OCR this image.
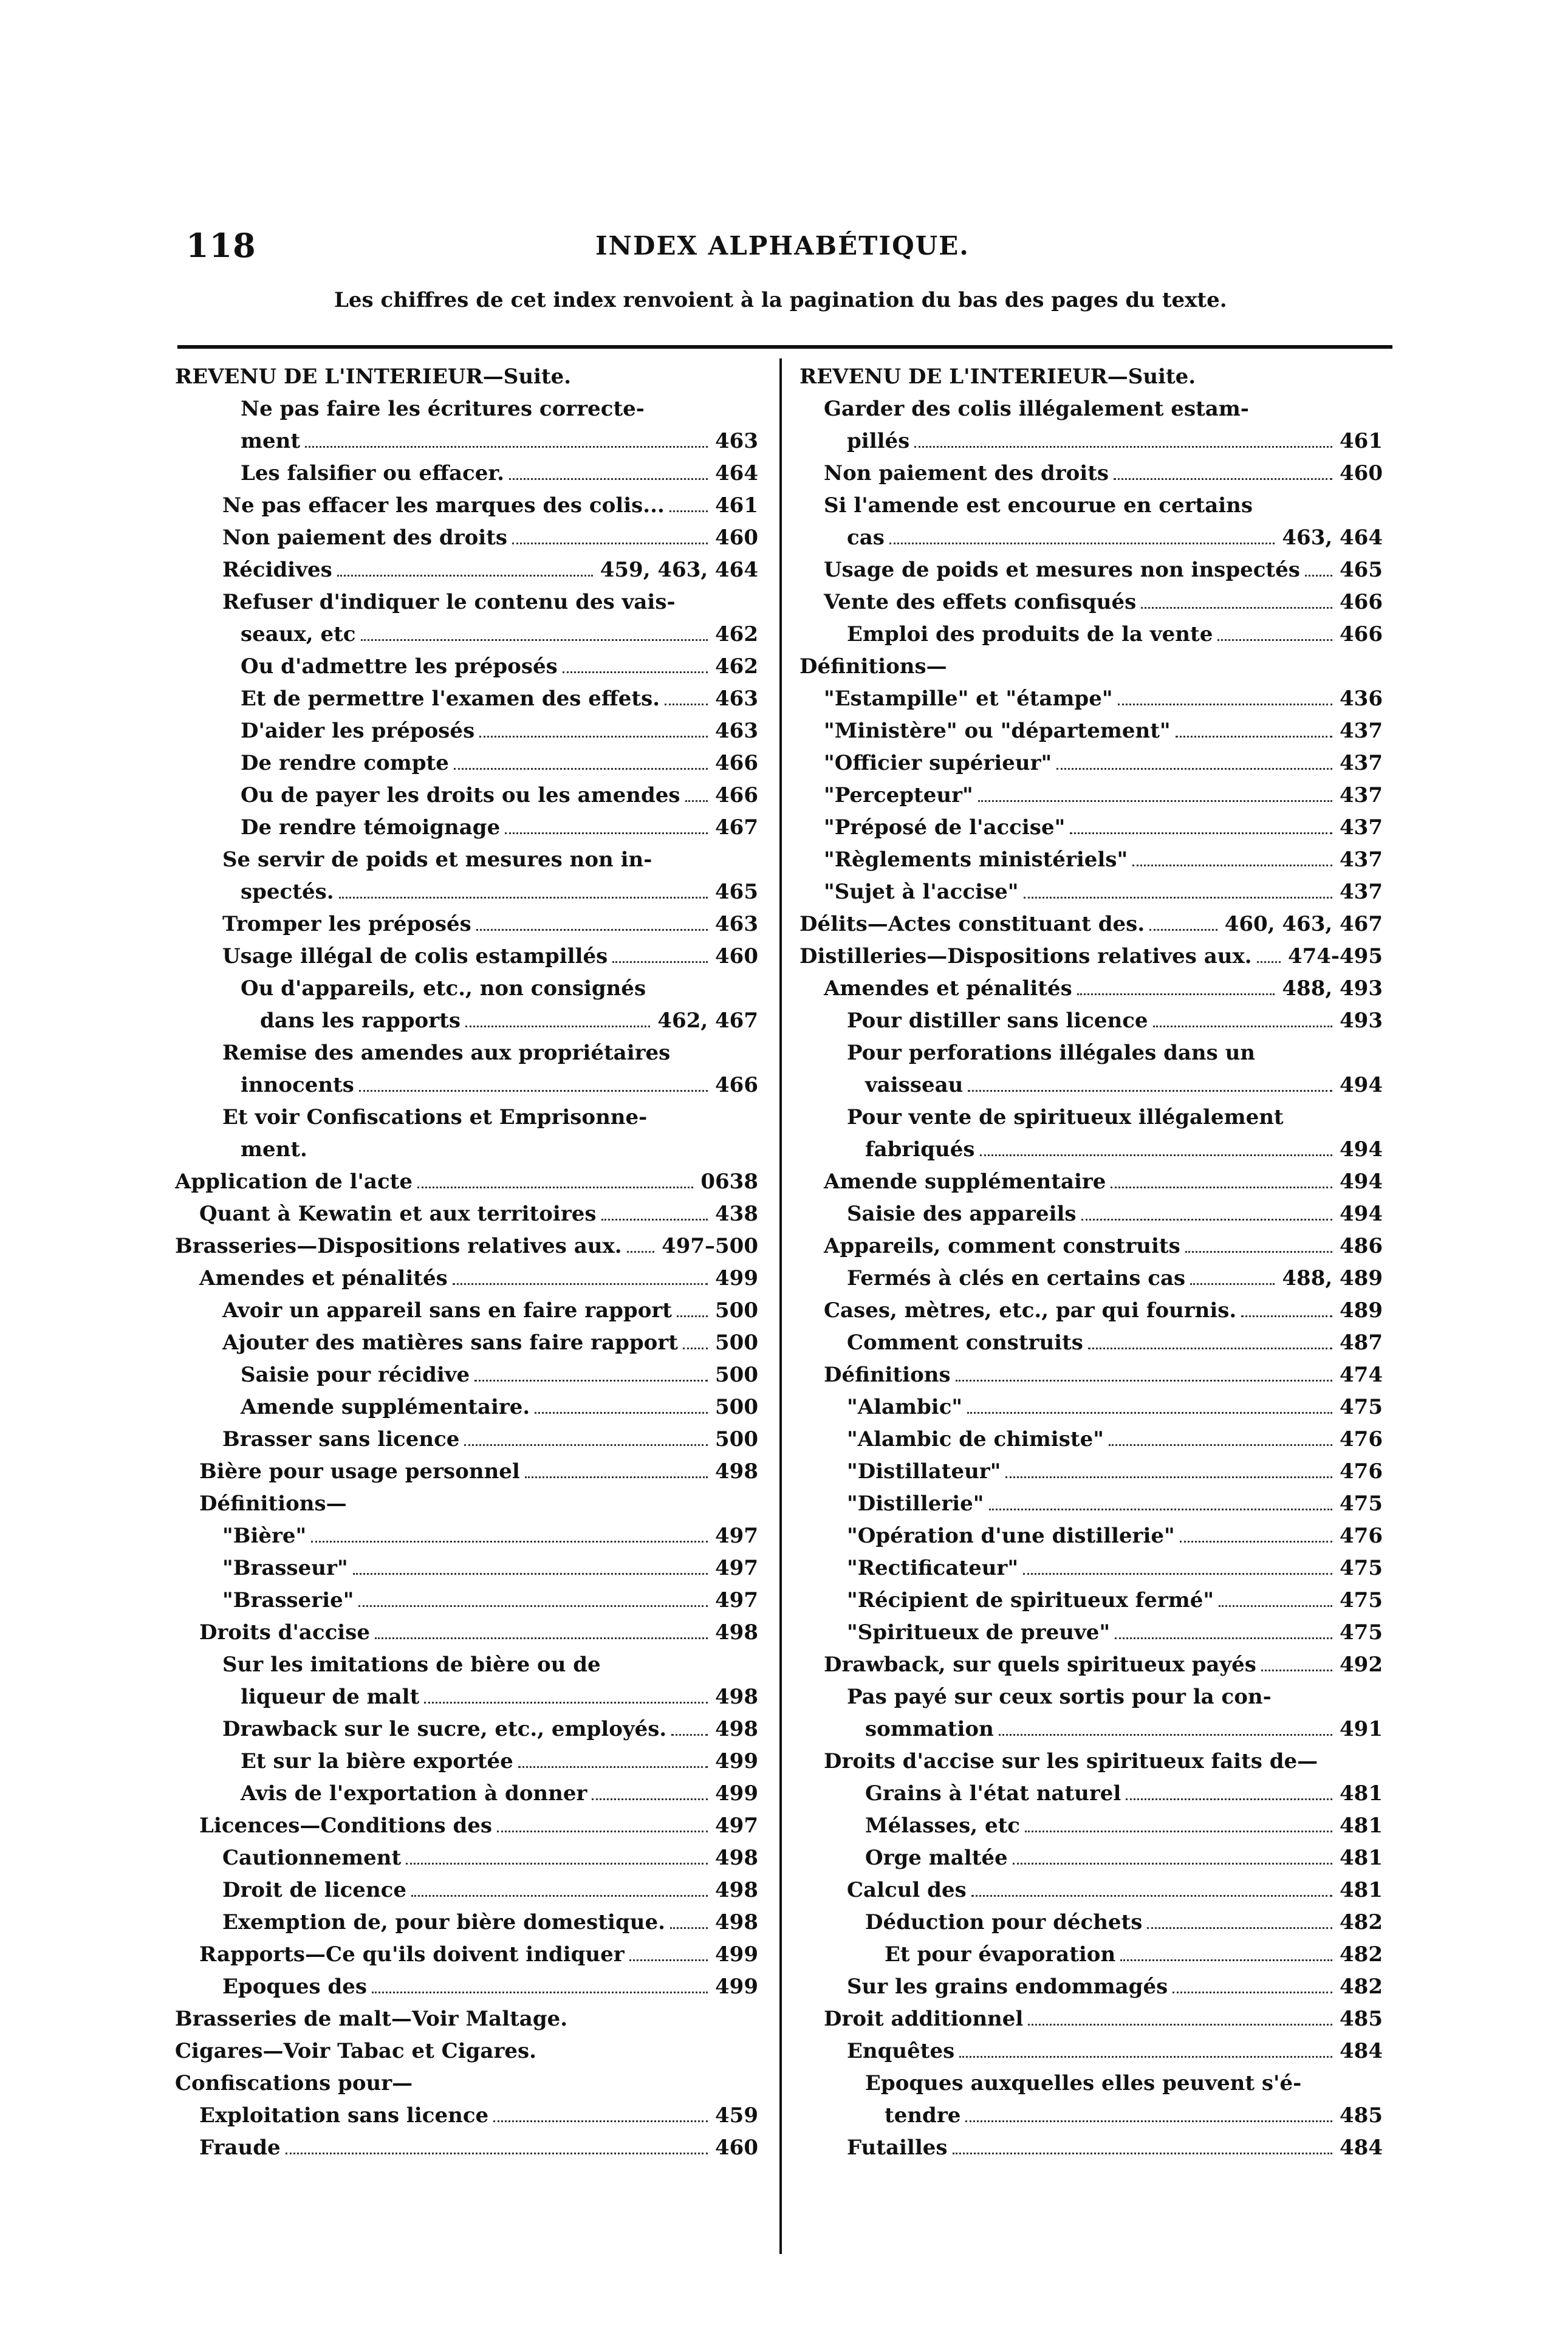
118	INDEX ALPHABÉTIQUE.
Les chiffres de cet index renvoient à la pagination du bas des pages du texte.
REVENU DE L'INTERIEUR—Suite.
Ne pas faire les écritures correcte-
ment	463
Les falsifier ou effacer.	464
Ne pas effacer les marques des colis... 461
Non paiement des droits	460
Récidives	459, 463, 464
Refuser d'indiquer le contenu des vais-
seaux, etc	462
Ou d'admettre les préposés	462
Et de permettre l'examen des effets.	463
D'aider les préposés	463
De rendre compte	466
Ou de payer les droits ou les amendes 466
De rendre témoignage	467
Se servir de poids et mesures non in-
spectés.	465
Tromper les préposés	463
Usage illégal de colis estampillés	460
Ou d'appareils, etc., non consignés
dans les rapports	462, 467
Remise des amendes aux propriétaires
innocents	466
Et voir Confiscations et Emprisonne-
ment.
Application de l'acte	0638
Quant à Kewatin et aux territoires	438
Brasseries—Dispositions relatives aux. 497–500
Amendes et pénalités	499
Avoir un appareil sans en faire rapport 500
Ajouter des matières sans faire rapport 500
Saisie pour récidive	500
Amende supplémentaire.	500
Brasser sans licence	500
Bière pour usage personnel	498
Définitions—
"Bière"	497
"Brasseur"	497
"Brasserie"	497
Droits d'accise	498
Sur les imitations de bière ou de
liqueur de malt	498
Drawback sur le sucre, etc., employés. 498
Et sur la bière exportée	499
Avis de l'exportation à donner	499
Licences—Conditions des	497
Cautionnement	498
Droit de licence	498
Exemption de, pour bière domestique. 498
Rapports—Ce qu'ils doivent indiquer	499
Epoques des	499
Brasseries de malt—Voir Maltage.
Cigares—Voir Tabac et Cigares.
Confiscations pour—
Exploitation sans licence	459
Fraude	460
REVENU DE L'INTERIEUR—Suite.
Garder des colis illégalement estam-
pillés	461
Non paiement des droits	460
Si l'amende est encourue en certains
cas	463, 464
Usage de poids et mesures non inspectés 465
Vente des effets confisqués	466
Emploi des produits de la vente	466
Définitions—
"Estampille" et "étampe"	436
"Ministère" ou "département"	437
"Officier supérieur"	437
"Percepteur"	437
"Préposé de l'accise"	437
"Règlements ministériels"	437
"Sujet à l'accise"	437
Délits—Actes constituant des.	460, 463, 467
Distilleries—Dispositions relatives aux. 474-495
Amendes et pénalités	488, 493
Pour distiller sans licence	493
Pour perforations illégales dans un
vaisseau	494
Pour vente de spiritueux illégalement
fabriqués	494
Amende supplémentaire	494
Saisie des appareils	494
Appareils, comment construits	486
Fermés à clés en certains cas	488, 489
Cases, mètres, etc., par qui fournis.	489
Comment construits	487
Définitions	474
"Alambic"	475
"Alambic de chimiste"	476
"Distillateur"	476
"Distillerie"	475
"Opération d'une distillerie"	476
"Rectificateur"	475
"Récipient de spiritueux fermé"	475
"Spiritueux de preuve"	475
Drawback, sur quels spiritueux payés	492
Pas payé sur ceux sortis pour la con-
sommation	491
Droits d'accise sur les spiritueux faits de—
Grains à l'état naturel	481
Mélasses, etc	481
Orge maltée	481
Calcul des	481
Déduction pour déchets	482
Et pour évaporation	482
Sur les grains endommagés	482
Droit additionnel	485
Enquêtes	484
Epoques auxquelles elles peuvent s'é-
tendre	485
Futailles	484
